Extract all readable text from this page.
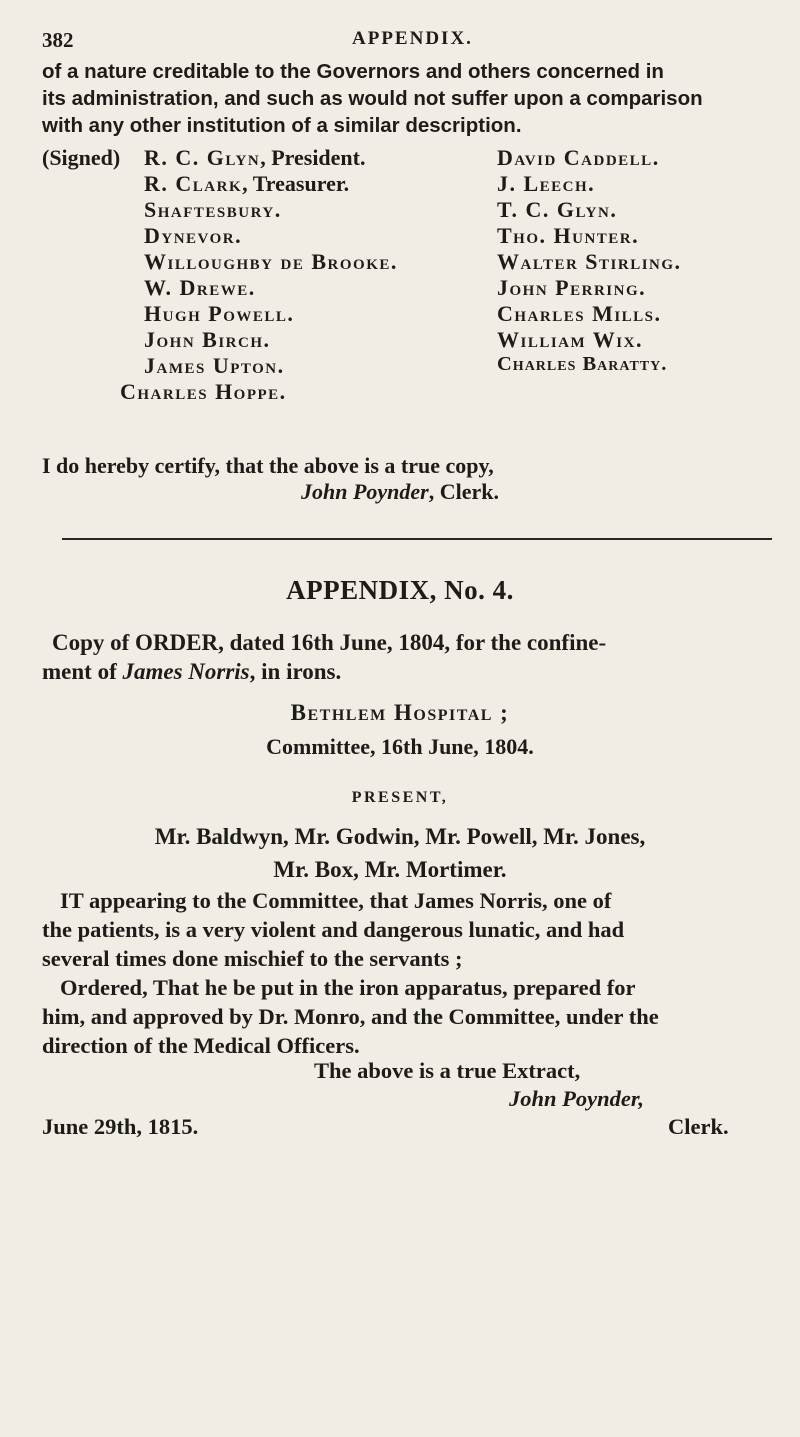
382	APPENDIX.
of a nature creditable to the Governors and others concerned in
its administration, and such as would not suffer upon a comparison
with any other institution of a similar description.
(Signed) R. C. Glyn, President.
R. Clark, Treasurer.
Shaftesbury.
Dynevor.
Willoughby de Brooke.
W. Drewe.
Hugh Powell.
John Birch.
James Upton.
Charles Hoppe.
David Caddell.
J. Leech.
T. C. Glyn.
Tho. Hunter.
Walter Stirling.
John Perring.
Charles Mills.
William Wix.
Charles Baratty.
I do hereby certify, that the above is a true copy,
John Poynder, Clerk.
APPENDIX, No. 4.
Copy of ORDER, dated 16th June, 1804, for the confine-
ment of James Norris, in irons.
Bethlem Hospital ;
Committee, 16th June, 1804.
PRESENT,
Mr. Baldwyn, Mr. Godwin, Mr. Powell, Mr. Jones,
Mr. Box, Mr. Mortimer.
IT appearing to the Committee, that James Norris, one of
the patients, is a very violent and dangerous lunatic, and had
several times done mischief to the servants ;
Ordered, That he be put in the iron apparatus, prepared for
him, and approved by Dr. Monro, and the Committee, under the
direction of the Medical Officers.
The above is a true Extract,
John Poynder,
June 29th, 1815.	Clerk.
